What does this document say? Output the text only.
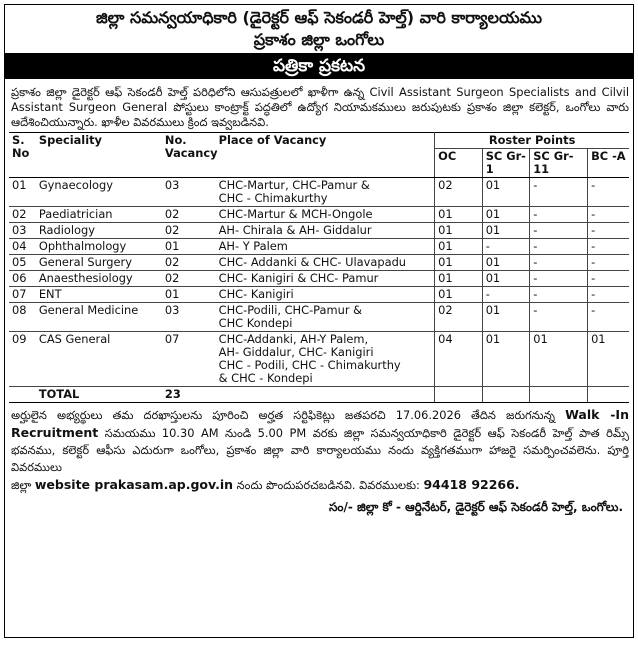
జిల్లా సమన్వయాధికారి (డైరెక్టర్ ఆఫ్ సెకండరీ హెల్త్) వారి కార్యాలయము
ప్రకాశం జిల్లా ఒంగోలు
పత్రికా ప్రకటన
ప్రకాశం జిల్లా డైరెక్టర్ ఆఫ్ సెకండరీ హెల్త్ పరిధిలోని ఆసుపత్రులలో ఖాళీగా ఉన్న Civil Assistant Surgeon Specialists and Cilvil Assistant Surgeon General పోస్టులు కాంట్రాక్ట్ పద్ధతిలో ఉద్యోగ నియామకములు జరుపుటకు ప్రకాశం జిల్లా కలెక్టర్, ఒంగోలు వారు ఆదేశించియున్నారు. ఖాళీల వివరములు క్రింద ఇవ్వబడినవి.
S. No	Speciality	No. Vacancy	Place of Vacancy	Roster Points			
				OC	SC Gr-1	SC Gr-11	BC -A
01	Gynaecology	03	CHC-Martur, CHC-Pamur &
CHC - Chimakurthy	02	01	-	-
02	Paediatrician	02	CHC-Martur & MCH-Ongole	01	01	-	-
03	Radiology	02	AH- Chirala & AH- Giddalur	01	01	-	-
04	Ophthalmology	01	AH- Y Palem	01	-	-	-
05	General Surgery	02	CHC- Addanki & CHC- Ulavapadu	01	01	-	-
06	Anaesthesiology	02	CHC- Kanigiri & CHC- Pamur	01	01	-	-
07	ENT	01	CHC- Kanigiri	01	-	-	-
08	General Medicine	03	CHC-Podili, CHC-Pamur &
CHC Kondepi	02	01	-	-
09	CAS General	07	CHC-Addanki, AH-Y Palem,
AH- Giddalur, CHC- Kanigiri
CHC - Podili, CHC - Chimakurthy
& CHC - Kondepi	04	01	01	01
	TOTAL	23					
అర్హులైన అభ్యర్థులు తమ దరఖాస్తులను పూరించి అర్హత సర్టిఫికెట్లు జతపరచి 17.06.2026 తేదిన జరుగనున్న Walk -In Recruitment సమయము 10.30 AM నుండి 5.00 PM వరకు జిల్లా సమన్వయాధికారి డైరెక్టర్ ఆఫ్ సెకండరీ హెల్త్ పాత రిమ్స్ భవనము, కలెక్టర్ ఆఫీసు ఎదురుగా ఒంగోలు, ప్రకాశం జిల్లా వారి కార్యాలయము నందు వ్యక్తిగతముగా హాజరై సమర్పించవలెను. పూర్తి వివరములు
జిల్లా website prakasam.ap.gov.in నందు పొందుపరచబడినవి. వివరములకు: 94418 92266.
సం/- జిల్లా కో - ఆర్డినేటర్, డైరెక్టర్ ఆఫ్ సెకండరీ హెల్త్, ఒంగోలు.
